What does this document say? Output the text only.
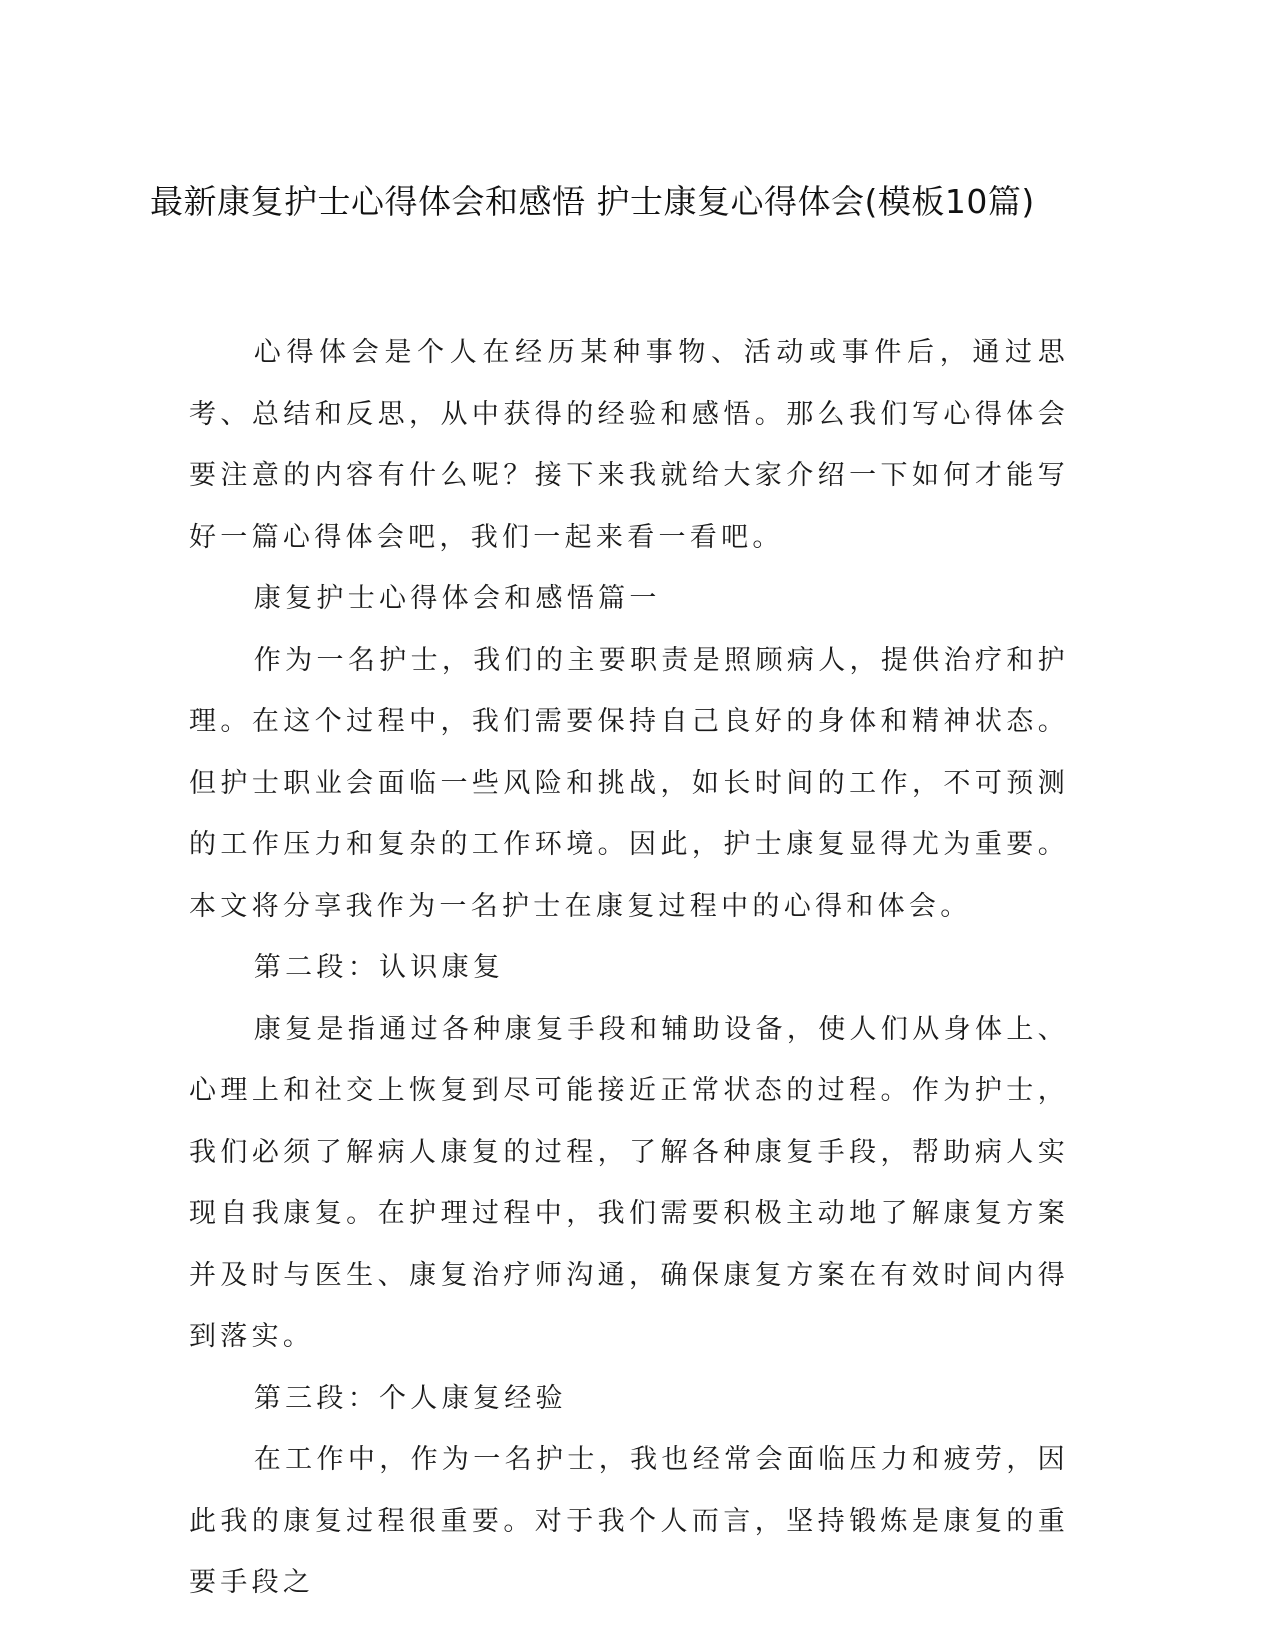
最新康复护士心得体会和感悟 护士康复心得体会(模板10篇)

心得体会是个人在经历某种事物、活动或事件后，通过思考、总结和反思，从中获得的经验和感悟。那么我们写心得体会要注意的内容有什么呢？接下来我就给大家介绍一下如何才能写好一篇心得体会吧，我们一起来看一看吧。

康复护士心得体会和感悟篇一

作为一名护士，我们的主要职责是照顾病人，提供治疗和护理。在这个过程中，我们需要保持自己良好的身体和精神状态。但护士职业会面临一些风险和挑战，如长时间的工作，不可预测的工作压力和复杂的工作环境。因此，护士康复显得尤为重要。本文将分享我作为一名护士在康复过程中的心得和体会。

第二段：认识康复

康复是指通过各种康复手段和辅助设备，使人们从身体上、心理上和社交上恢复到尽可能接近正常状态的过程。作为护士，我们必须了解病人康复的过程，了解各种康复手段，帮助病人实现自我康复。在护理过程中，我们需要积极主动地了解康复方案并及时与医生、康复治疗师沟通，确保康复方案在有效时间内得到落实。

第三段：个人康复经验

在工作中，作为一名护士，我也经常会面临压力和疲劳，因此我的康复过程很重要。对于我个人而言，坚持锻炼是康复的重要手段之
